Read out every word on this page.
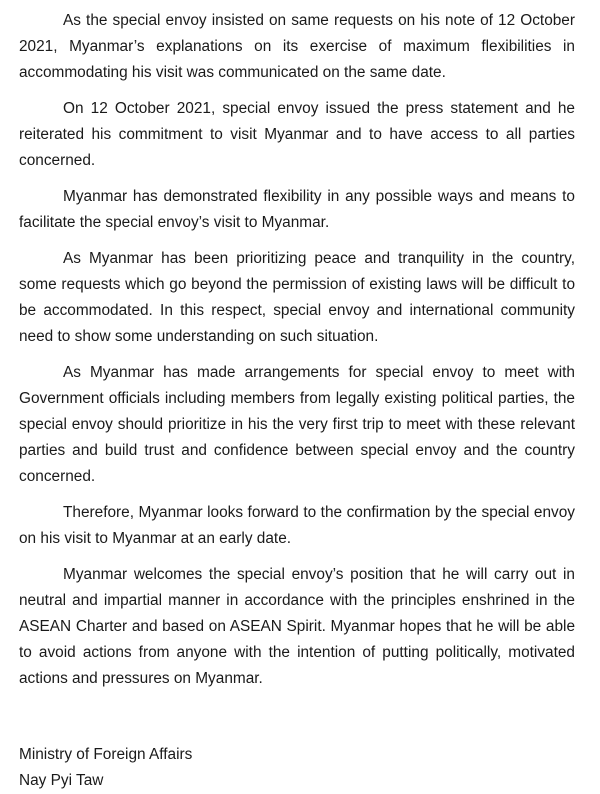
As the special envoy insisted on same requests on his note of 12 October 2021, Myanmar’s explanations on its exercise of maximum flexibilities in accommodating his visit was communicated on the same date.

On 12 October 2021, special envoy issued the press statement and he reiterated his commitment to visit Myanmar and to have access to all parties concerned.

Myanmar has demonstrated flexibility in any possible ways and means to facilitate the special envoy’s visit to Myanmar.

As Myanmar has been prioritizing peace and tranquility in the country, some requests which go beyond the permission of existing laws will be difficult to be accommodated. In this respect, special envoy and international community need to show some understanding on such situation.

As Myanmar has made arrangements for special envoy to meet with Government officials including members from legally existing political parties, the special envoy should prioritize in his the very first trip to meet with these relevant parties and build trust and confidence between special envoy and the country concerned.

Therefore, Myanmar looks forward to the confirmation by the special envoy on his visit to Myanmar at an early date.

Myanmar welcomes the special envoy’s position that he will carry out in neutral and impartial manner in accordance with the principles enshrined in the ASEAN Charter and based on ASEAN Spirit. Myanmar hopes that he will be able to avoid actions from anyone with the intention of putting politically, motivated actions and pressures on Myanmar.

Ministry of Foreign Affairs
Nay Pyi Taw
